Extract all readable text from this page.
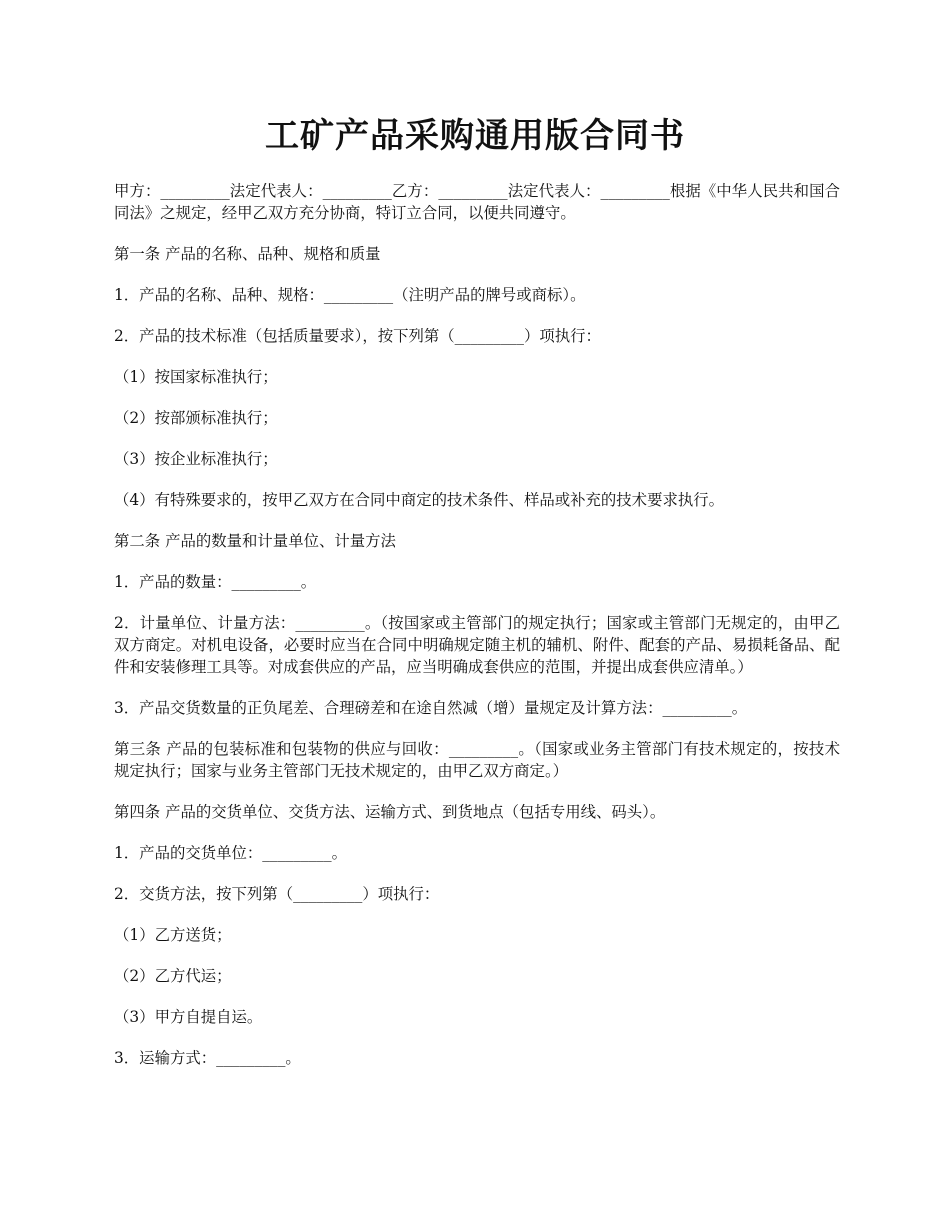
工矿产品采购通用版合同书

甲方：_________法定代表人：_________乙方：_________法定代表人：_________根据《中华人民共和国合同法》之规定，经甲乙双方充分协商，特订立合同，以便共同遵守。

第一条 产品的名称、品种、规格和质量

1．产品的名称、品种、规格：_________（注明产品的牌号或商标）。

2．产品的技术标准（包括质量要求），按下列第（_________）项执行：

（1）按国家标准执行；

（2）按部颁标准执行；

（3）按企业标准执行；

（4）有特殊要求的，按甲乙双方在合同中商定的技术条件、样品或补充的技术要求执行。

第二条 产品的数量和计量单位、计量方法

1．产品的数量：_________。

2．计量单位、计量方法：_________。（按国家或主管部门的规定执行；国家或主管部门无规定的，由甲乙双方商定。对机电设备，必要时应当在合同中明确规定随主机的辅机、附件、配套的产品、易损耗备品、配件和安装修理工具等。对成套供应的产品，应当明确成套供应的范围，并提出成套供应清单。）

3．产品交货数量的正负尾差、合理磅差和在途自然减（增）量规定及计算方法：_________。

第三条 产品的包装标准和包装物的供应与回收：_________。（国家或业务主管部门有技术规定的，按技术规定执行；国家与业务主管部门无技术规定的，由甲乙双方商定。）

第四条 产品的交货单位、交货方法、运输方式、到货地点（包括专用线、码头）。

1．产品的交货单位：_________。

2．交货方法，按下列第（_________）项执行：

（1）乙方送货；

（2）乙方代运；

（3）甲方自提自运。

3．运输方式：_________。
